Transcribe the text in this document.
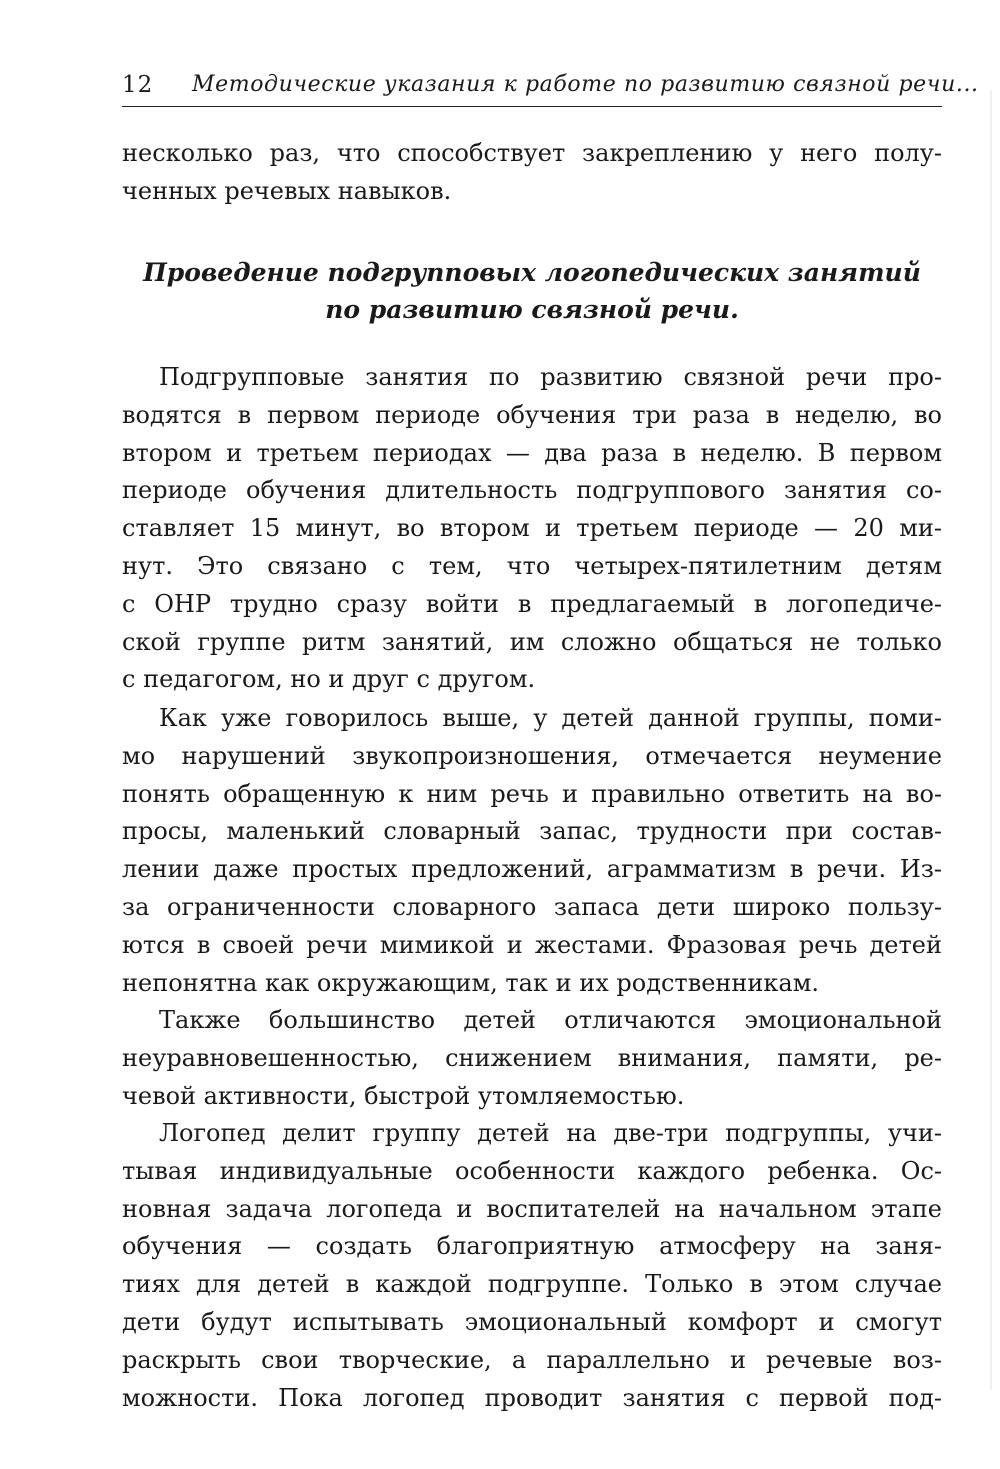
12 Методические указания к работе по развитию связной речи...
несколько раз, что способствует закреплению у него полу-
ченных речевых навыков.
Проведение подгрупповых логопедических занятий
по развитию связной речи.
Подгрупповые занятия по развитию связной речи про-
водятся в первом периоде обучения три раза в неделю, во
втором и третьем периодах — два раза в неделю. В первом
периоде обучения длительность подгруппового занятия со-
ставляет 15 минут, во втором и третьем периоде — 20 ми-
нут. Это связано с тем, что четырех-пятилетним детям
с ОНР трудно сразу войти в предлагаемый в логопедиче-
ской группе ритм занятий, им сложно общаться не только
с педагогом, но и друг с другом.
Как уже говорилось выше, у детей данной группы, поми-
мо нарушений звукопроизношения, отмечается неумение
понять обращенную к ним речь и правильно ответить на во-
просы, маленький словарный запас, трудности при состав-
лении даже простых предложений, аграмматизм в речи. Из-
за ограниченности словарного запаса дети широко пользу-
ются в своей речи мимикой и жестами. Фразовая речь детей
непонятна как окружающим, так и их родственникам.
Также большинство детей отличаются эмоциональной
неуравновешенностью, снижением внимания, памяти, ре-
чевой активности, быстрой утомляемостью.
Логопед делит группу детей на две-три подгруппы, учи-
тывая индивидуальные особенности каждого ребенка. Ос-
новная задача логопеда и воспитателей на начальном этапе
обучения — создать благоприятную атмосферу на заня-
тиях для детей в каждой подгруппе. Только в этом случае
дети будут испытывать эмоциональный комфорт и смогут
раскрыть свои творческие, а параллельно и речевые воз-
можности. Пока логопед проводит занятия с первой под-
